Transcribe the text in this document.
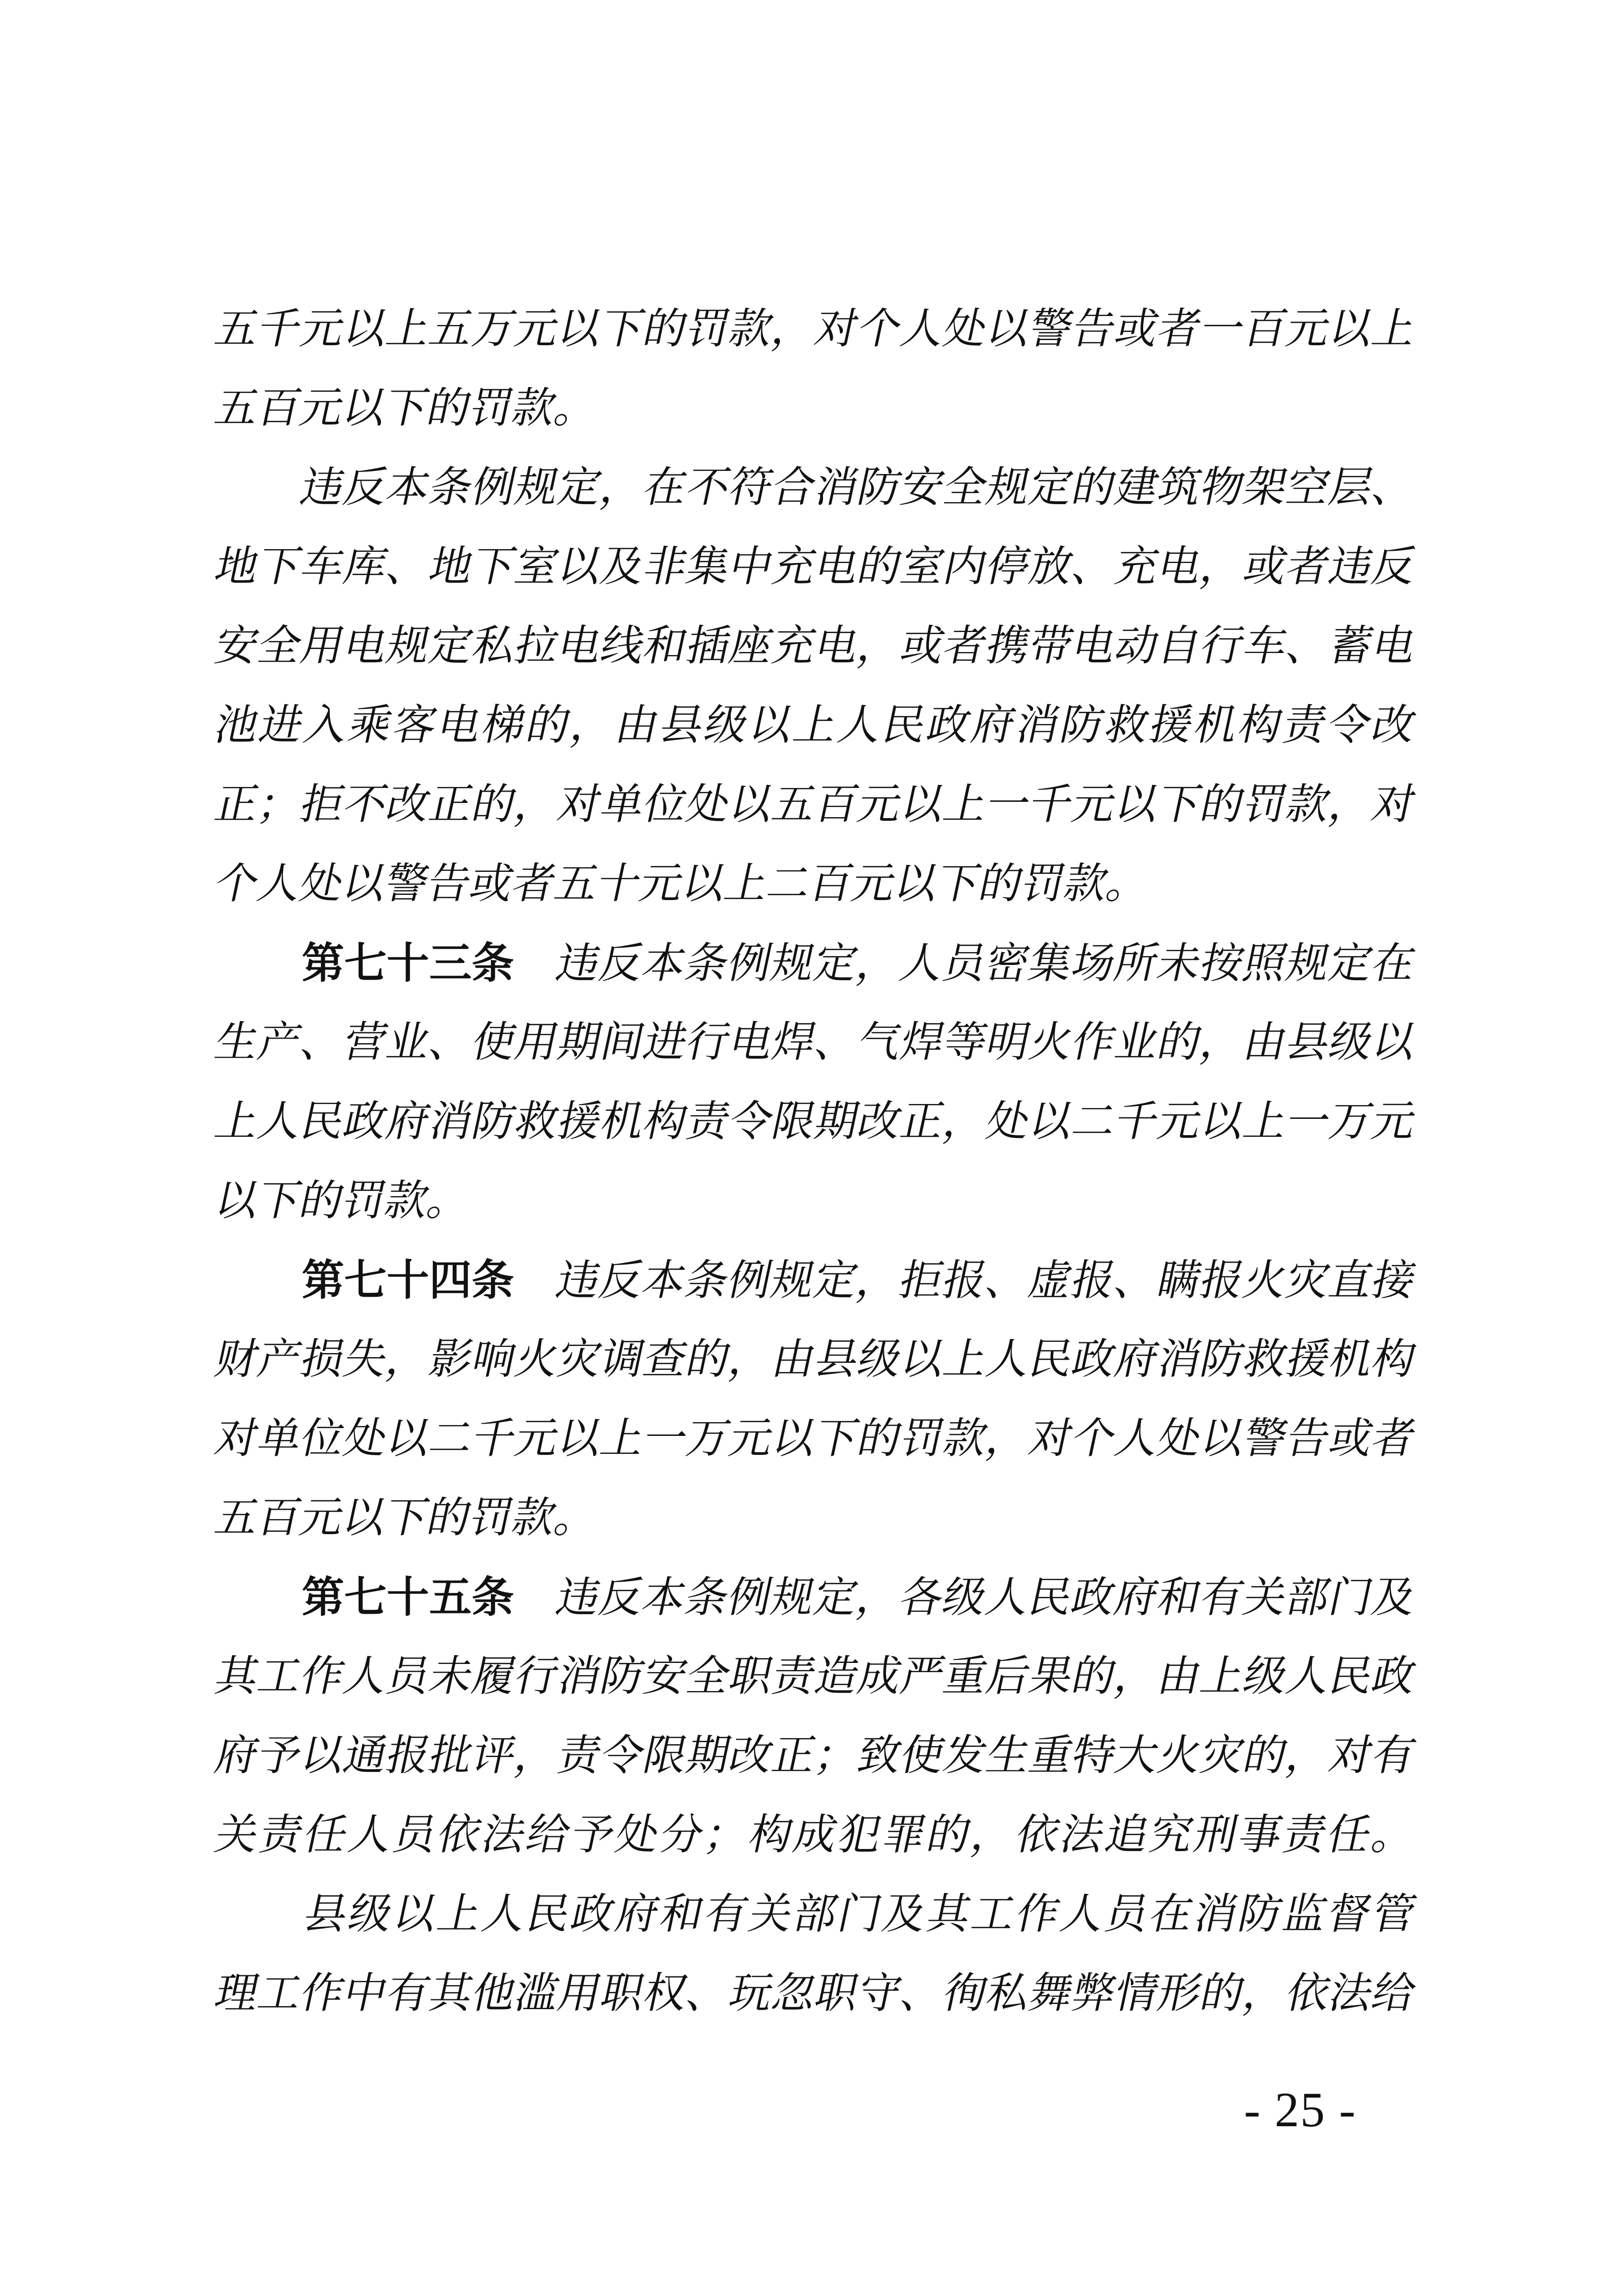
五千元以上五万元以下的罚款，对个人处以警告或者一百元以上
五百元以下的罚款。
　　违反本条例规定，在不符合消防安全规定的建筑物架空层、
地下车库、地下室以及非集中充电的室内停放、充电，或者违反
安全用电规定私拉电线和插座充电，或者携带电动自行车、蓄电
池进入乘客电梯的，由县级以上人民政府消防救援机构责令改
正；拒不改正的，对单位处以五百元以上一千元以下的罚款，对
个人处以警告或者五十元以上二百元以下的罚款。
　　第七十三条　违反本条例规定，人员密集场所未按照规定在
生产、营业、使用期间进行电焊、气焊等明火作业的，由县级以
上人民政府消防救援机构责令限期改正，处以二千元以上一万元
以下的罚款。
　　第七十四条　违反本条例规定，拒报、虚报、瞒报火灾直接
财产损失，影响火灾调查的，由县级以上人民政府消防救援机构
对单位处以二千元以上一万元以下的罚款，对个人处以警告或者
五百元以下的罚款。
　　第七十五条　违反本条例规定，各级人民政府和有关部门及
其工作人员未履行消防安全职责造成严重后果的，由上级人民政
府予以通报批评，责令限期改正；致使发生重特大火灾的，对有
关责任人员依法给予处分；构成犯罪的，依法追究刑事责任。
　　县级以上人民政府和有关部门及其工作人员在消防监督管
理工作中有其他滥用职权、玩忽职守、徇私舞弊情形的，依法给
- 25 -
